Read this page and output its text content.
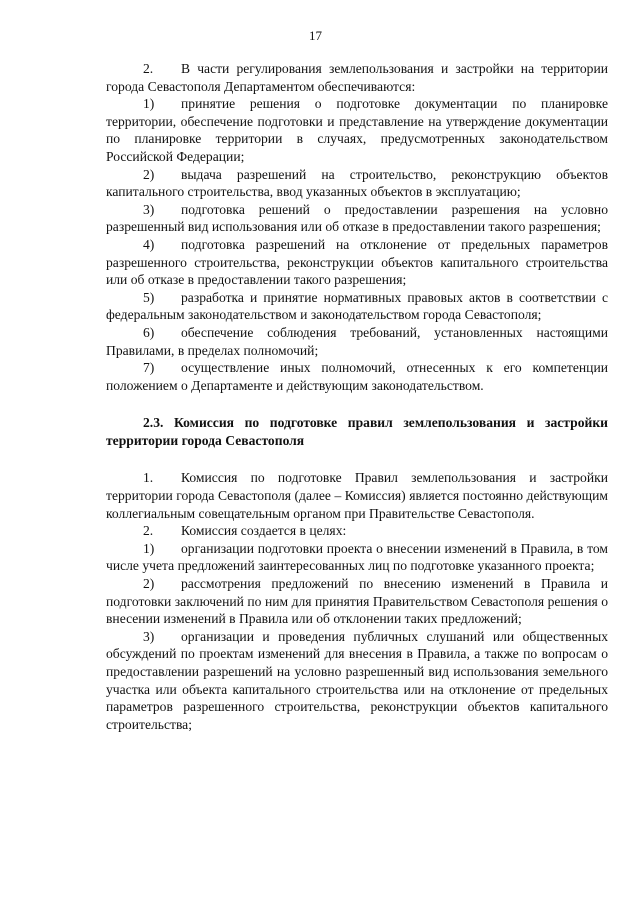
17

2. В части регулирования землепользования и застройки на территории города Севастополя Департаментом обеспечиваются:

1) принятие решения о подготовке документации по планировке территории, обеспечение подготовки и представление на утверждение документации по планировке территории в случаях, предусмотренных законодательством Российской Федерации;

2) выдача разрешений на строительство, реконструкцию объектов капитального строительства, ввод указанных объектов в эксплуатацию;

3) подготовка решений о предоставлении разрешения на условно разрешенный вид использования или об отказе в предоставлении такого разрешения;

4) подготовка разрешений на отклонение от предельных параметров разрешенного строительства, реконструкции объектов капитального строительства или об отказе в предоставлении такого разрешения;

5) разработка и принятие нормативных правовых актов в соответствии с федеральным законодательством и законодательством города Севастополя;

6) обеспечение соблюдения требований, установленных настоящими Правилами, в пределах полномочий;

7) осуществление иных полномочий, отнесенных к его компетенции положением о Департаменте и действующим законодательством.

2.3. Комиссия по подготовке правил землепользования и застройки территории города Севастополя

1. Комиссия по подготовке Правил землепользования и застройки территории города Севастополя (далее – Комиссия) является постоянно действующим коллегиальным совещательным органом при Правительстве Севастополя.

2. Комиссия создается в целях:

1) организации подготовки проекта о внесении изменений в Правила, в том числе учета предложений заинтересованных лиц по подготовке указанного проекта;

2) рассмотрения предложений по внесению изменений в Правила и подготовки заключений по ним для принятия Правительством Севастополя решения о внесении изменений в Правила или об отклонении таких предложений;

3) организации и проведения публичных слушаний или общественных обсуждений по проектам изменений для внесения в Правила, а также по вопросам о предоставлении разрешений на условно разрешенный вид использования земельного участка или объекта капитального строительства или на отклонение от предельных параметров разрешенного строительства, реконструкции объектов капитального строительства;
